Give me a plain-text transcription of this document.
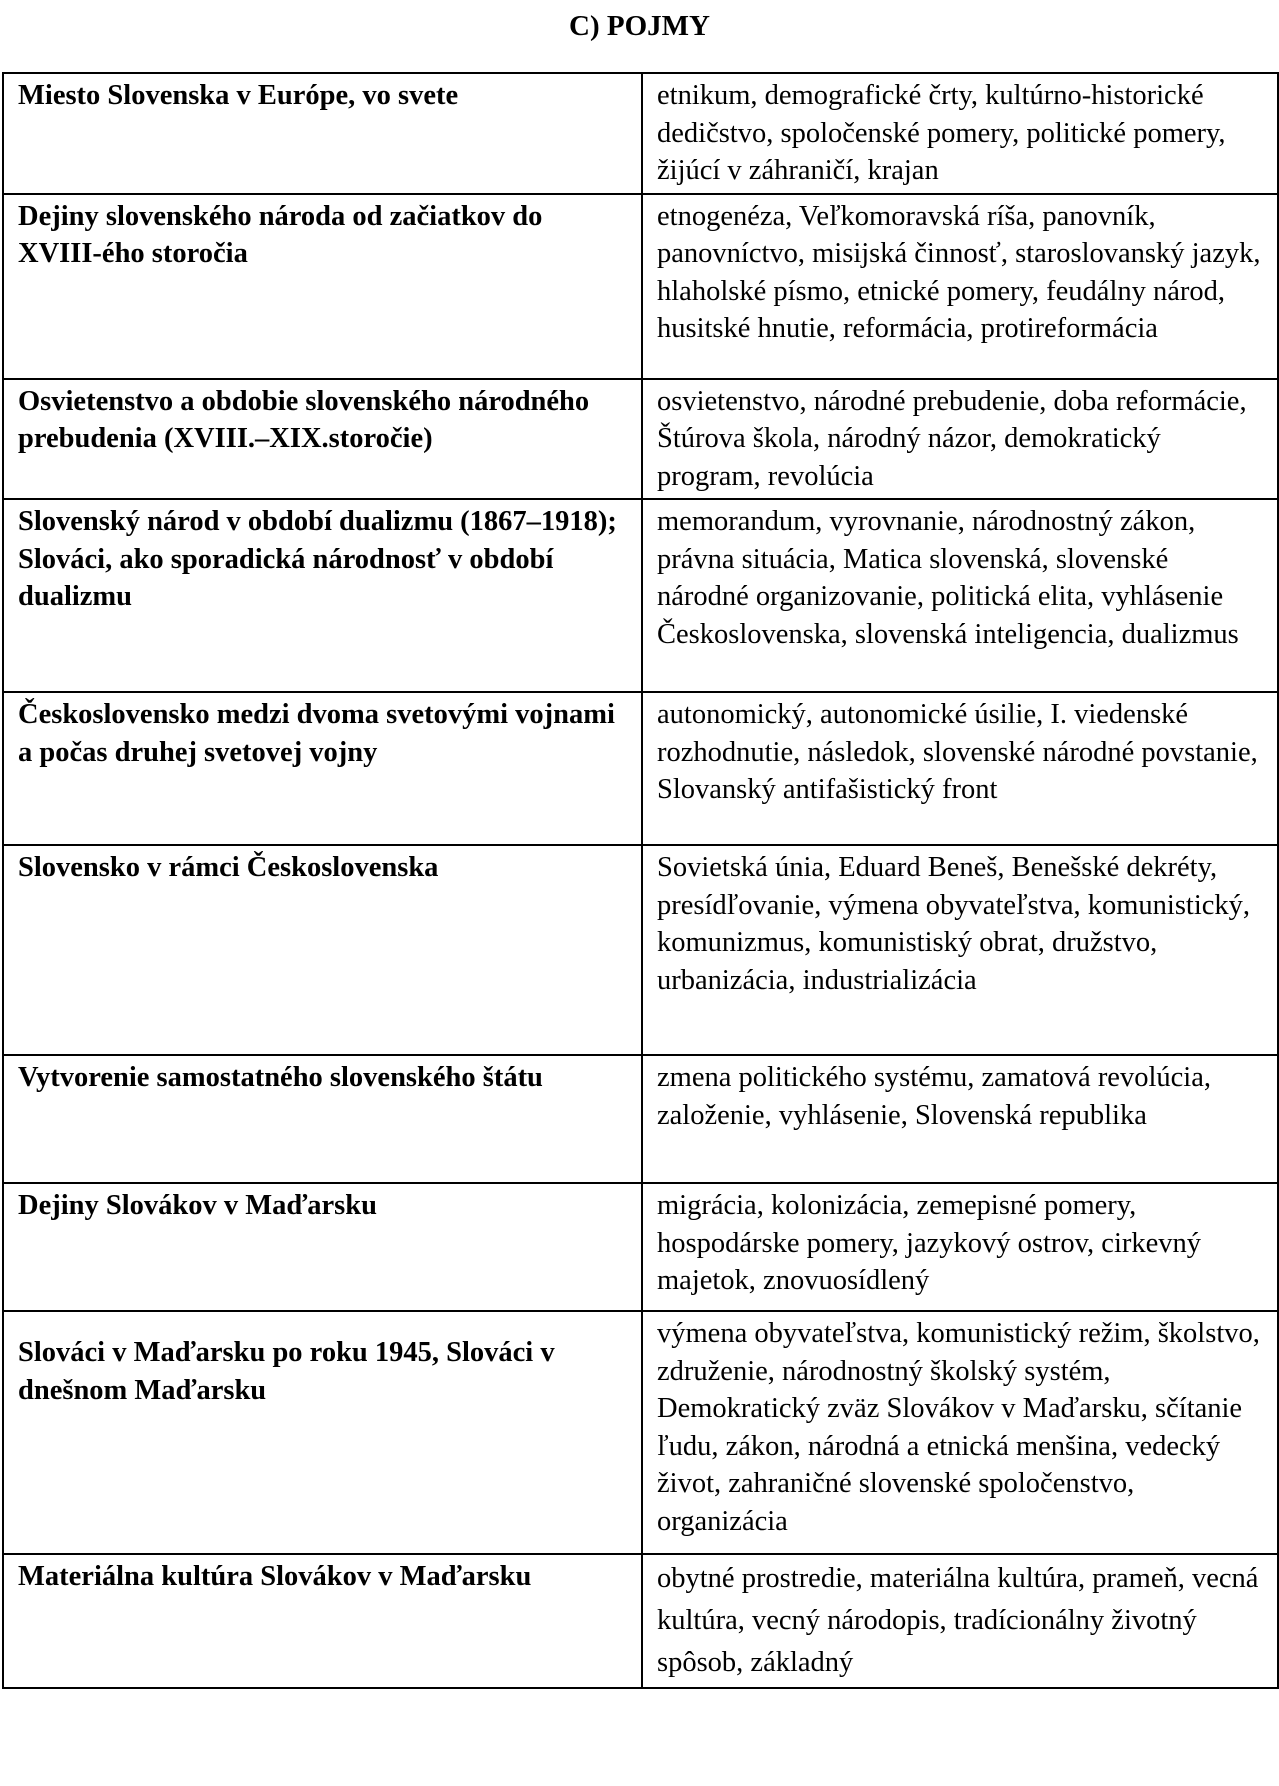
C) POJMY
Miesto Slovenska v Európe, vo svete	etnikum, demografické črty, kultúrno-historické dedičstvo, spoločenské pomery, politické pomery, žijúcí v záhraničí, krajan
Dejiny slovenského národa od začiatkov do XVIII-ého storočia	etnogenéza, Veľkomoravská ríša, panovník, panovníctvo, misijská činnosť, staroslovanský jazyk, hlaholské písmo, etnické pomery, feudálny národ, husitské hnutie, reformácia, protireformácia
Osvietenstvo a obdobie slovenského národného prebudenia (XVIII.–XIX.storočie)	osvietenstvo, národné prebudenie, doba reformácie, Štúrova škola, národný názor, demokratický program, revolúcia
Slovenský národ v období dualizmu (1867–1918); Slováci, ako sporadická národnosť v období dualizmu	memorandum, vyrovnanie, národnostný zákon, právna situácia, Matica slovenská, slovenské národné organizovanie, politická elita, vyhlásenie Československa, slovenská inteligencia, dualizmus
Československo medzi dvoma svetovými vojnami a počas druhej svetovej vojny	autonomický, autonomické úsilie, I. viedenské rozhodnutie, následok, slovenské národné povstanie, Slovanský antifašistický front
Slovensko v rámci Československa	Sovietská únia, Eduard Beneš, Benešské dekréty, presídľovanie, výmena obyvateľstva, komunistický, komunizmus, komunistiský obrat, družstvo, urbanizácia, industrializácia
Vytvorenie samostatného slovenského štátu	zmena politického systému, zamatová revolúcia, založenie, vyhlásenie, Slovenská republika
Dejiny Slovákov v Maďarsku	migrácia, kolonizácia, zemepisné pomery, hospodárske pomery, jazykový ostrov, cirkevný majetok, znovuosídlený
Slováci v Maďarsku po roku 1945, Slováci v dnešnom Maďarsku	výmena obyvateľstva, komunistický režim, školstvo, združenie, národnostný školský systém, Demokratický zväz Slovákov v Maďarsku, sčítanie ľudu, zákon, národná a etnická menšina, vedecký život, zahraničné slovenské spoločenstvo, organizácia
Materiálna kultúra Slovákov v Maďarsku	obytné prostredie, materiálna kultúra, prameň, vecná kultúra, vecný národopis, tradícionálny životný spôsob, základný
